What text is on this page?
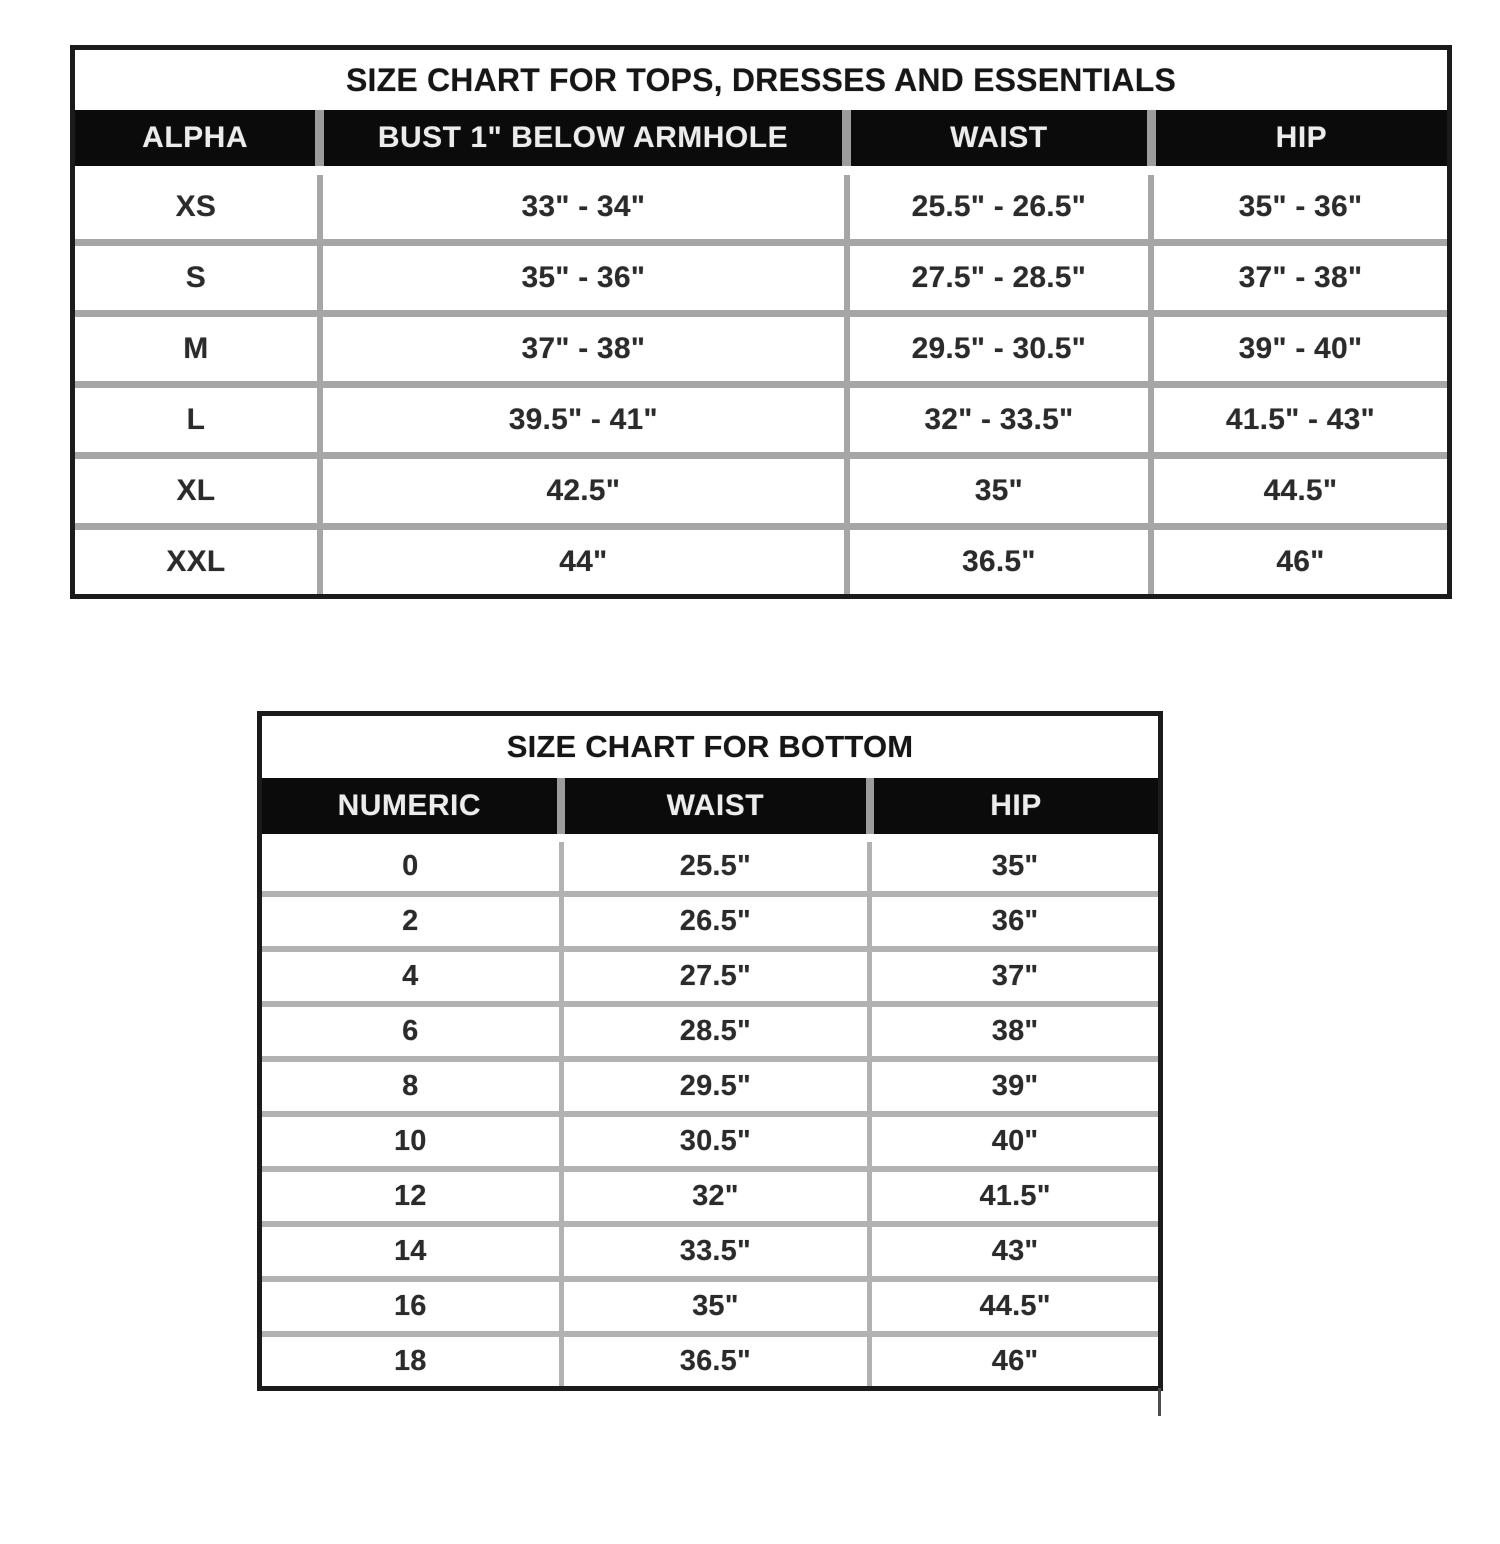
SIZE CHART FOR TOPS, DRESSES AND ESSENTIALS
ALPHA	BUST 1" BELOW ARMHOLE	WAIST	HIP
XS	33" - 34"	25.5" - 26.5"	35" - 36"
S	35" - 36"	27.5" - 28.5"	37" - 38"
M	37" - 38"	29.5" - 30.5"	39" - 40"
L	39.5" - 41"	32" - 33.5"	41.5" - 43"
XL	42.5"	35"	44.5"
XXL	44"	36.5"	46"
SIZE CHART FOR BOTTOM
NUMERIC	WAIST	HIP
0	25.5"	35"
2	26.5"	36"
4	27.5"	37"
6	28.5"	38"
8	29.5"	39"
10	30.5"	40"
12	32"	41.5"
14	33.5"	43"
16	35"	44.5"
18	36.5"	46"
